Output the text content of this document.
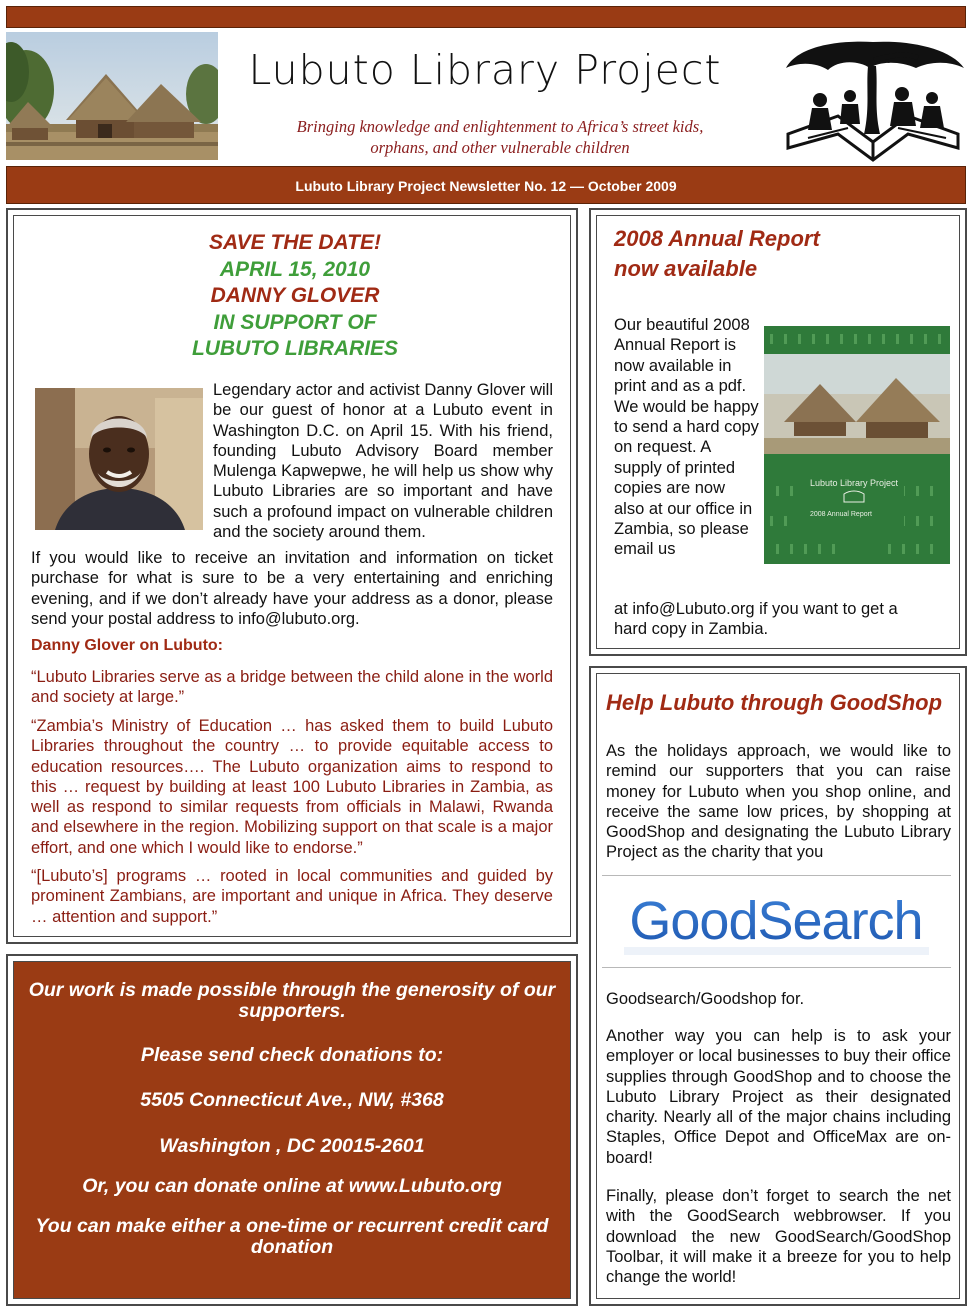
Lubuto Library Project
Bringing knowledge and enlightenment to Africa’s street kids,
orphans, and other vulnerable children
Lubuto Library Project Newsletter No. 12 — October 2009
SAVE THE DATE!
APRIL 15, 2010
DANNY GLOVER
IN SUPPORT OF
LUBUTO LIBRARIES
Legendary actor and activist Danny Glover will be our guest of honor at a Lubuto event in Washington D.C. on April 15. With his friend, founding Lubuto Advisory Board member Mulenga Kapwepwe, he will help us show why Lubuto Libraries are so important and have such a profound impact on vulnerable children and the society around them.
If you would like to receive an invitation and information on ticket purchase for what is sure to be a very entertaining and enriching evening, and if we don’t already have your address as a donor, please send your postal address to info@lubuto.org.
Danny Glover on Lubuto:
“Lubuto Libraries serve as a bridge between the child alone in the world and society at large.”
“Zambia’s Ministry of Education … has asked them to build Lubuto Libraries throughout the country … to provide equitable access to education resources…. The Lubuto organization aims to respond to this … request by building at least 100 Lubuto Libraries in Zambia, as well as respond to similar requests from officials in Malawi, Rwanda and elsewhere in the region. Mobilizing support on that scale is a major effort, and one which I would like to endorse.”
“[Lubuto’s] programs … rooted in local communities and guided by prominent Zambians, are important and unique in Africa. They deserve … attention and support.”
2008 Annual Report
now available
Our beautiful 2008 Annual Report is now available in print and as a pdf. We would be happy to send a hard copy on request. A supply of printed copies are now also at our office in Zambia, so please email us
at info@Lubuto.org if you want to get a hard copy in Zambia.
Lubuto Library Project
2008 Annual Report
Help Lubuto through GoodShop
As the holidays approach, we would like to remind our supporters that you can raise money for Lubuto when you shop online, and receive the same low prices, by shopping at GoodShop and designating the Lubuto Library Project as the charity that you
GoodSearch
Goodsearch/Goodshop for.
Another way you can help is to ask your employer or local businesses to buy their office supplies through GoodShop and to choose the Lubuto Library Project as their designated charity. Nearly all of the major chains including Staples, Office Depot and OfficeMax are on-board!
Finally, please don’t forget to search the net with the GoodSearch webbrowser. If you download the new GoodSearch/GoodShop Toolbar, it will make it a breeze for you to help change the world!
Our work is made possible through the generosity of our supporters.
Please send check donations to:
5505 Connecticut Ave., NW, #368
Washington , DC 20015-2601
Or, you can donate online at www.Lubuto.org
You can make either a one-time or recurrent credit card donation
